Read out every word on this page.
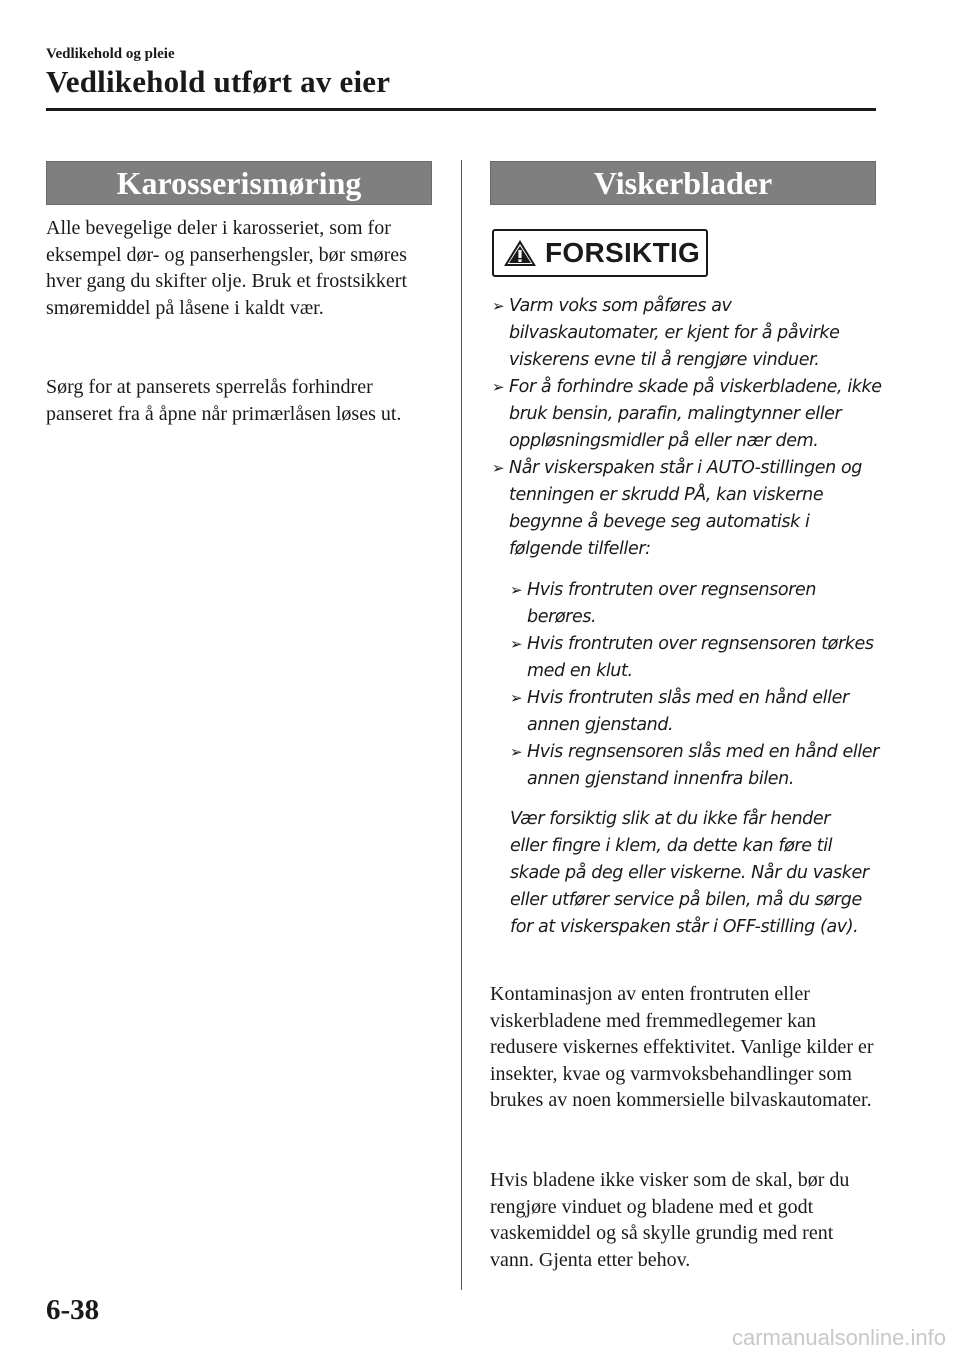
Vedlikehold og pleie
Vedlikehold utført av eier
Karosserismøring

Alle bevegelige deler i karosseriet, som for eksempel dør- og panserhengsler, bør smøres hver gang du skifter olje. Bruk et frostsikkert smøremiddel på låsene i kaldt vær.

Sørg for at panserets sperrelås forhindrer panseret fra å åpne når primærlåsen løses ut.

Viskerblader
FORSIKTIG
➢ Varm voks som påføres av bilvaskautomater, er kjent for å påvirke viskerens evne til å rengjøre vinduer.
➢ For å forhindre skade på viskerbladene, ikke bruk bensin, parafin, malingtynner eller oppløsningsmidler på eller nær dem.
➢ Når viskerspaken står i AUTO-stillingen og tenningen er skrudd PÅ, kan viskerne begynne å bevege seg automatisk i følgende tilfeller:
➢ Hvis frontruten over regnsensoren berøres.
➢ Hvis frontruten over regnsensoren tørkes med en klut.
➢ Hvis frontruten slås med en hånd eller annen gjenstand.
➢ Hvis regnsensoren slås med en hånd eller annen gjenstand innenfra bilen.
Vær forsiktig slik at du ikke får hender eller fingre i klem, da dette kan føre til skade på deg eller viskerne. Når du vasker eller utfører service på bilen, må du sørge for at viskerspaken står i OFF-stilling (av).

Kontaminasjon av enten frontruten eller viskerbladene med fremmedlegemer kan redusere viskernes effektivitet. Vanlige kilder er insekter, kvae og varmvoksbehandlinger som brukes av noen kommersielle bilvaskautomater.

Hvis bladene ikke visker som de skal, bør du rengjøre vinduet og bladene med et godt vaskemiddel og så skylle grundig med rent vann. Gjenta etter behov.

6-38
carmanualsonline.info
